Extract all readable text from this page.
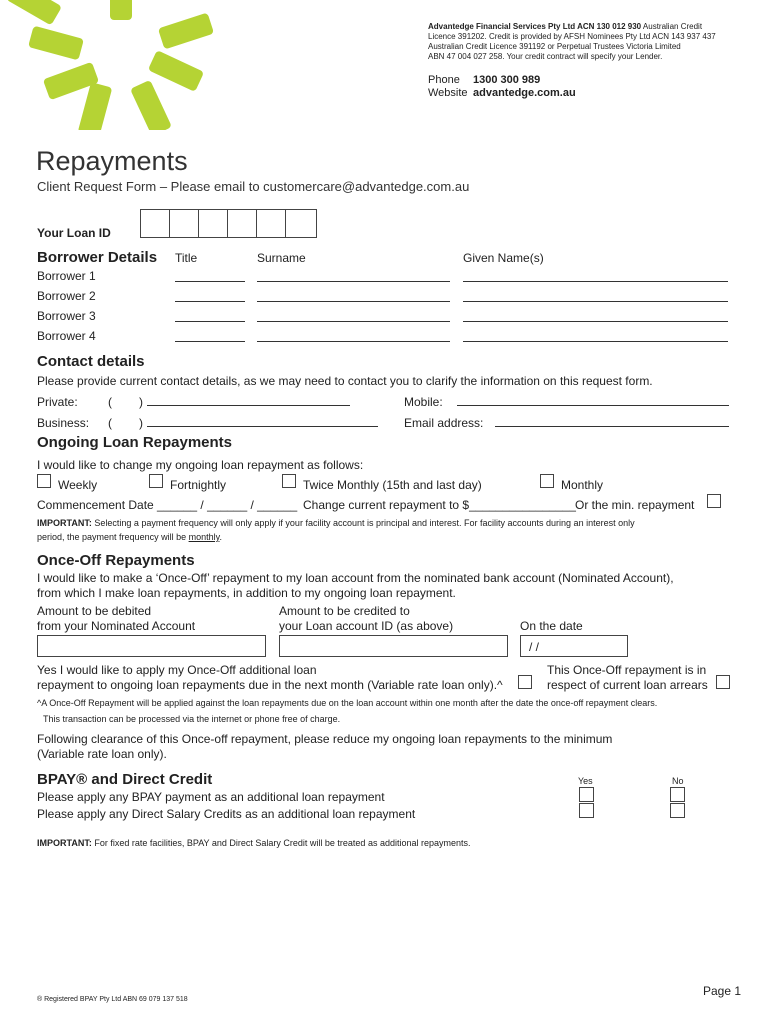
Advantedge Financial Services Pty Ltd ACN 130 012 930 Australian Credit
Licence 391202. Credit is provided by AFSH Nominees Pty Ltd ACN 143 937 437
Australian Credit Licence 391192 or Perpetual Trustees Victoria Limited
ABN 47 004 027 258. Your credit contract will specify your Lender.
Phone 1300 300 989
Website advantedge.com.au
Repayments
Client Request Form – Please email to customercare@advantedge.com.au
Your Loan ID
Borrower Details Title	Surname	Given Name(s)
Borrower 1
Borrower 2
Borrower 3
Borrower 4
Contact details
Please provide current contact details, as we may need to contact you to clarify the information on this request form.
Private:	( )	Mobile:
Business: ( )	Email address:
Ongoing Loan Repayments
I would like to change my ongoing loan repayment as follows:
Weekly	Fortnightly	Twice Monthly (15th and last day)	Monthly
Commencement Date ______ / ______ / ______ Change current repayment to $________________ Or the min. repayment
IMPORTANT: Selecting a payment frequency will only apply if your facility account is principal and interest. For facility accounts during an interest only
period, the payment frequency will be monthly.
Once-Off Repayments
I would like to make a ‘Once-Off’ repayment to my loan account from the nominated bank account (Nominated Account),
from which I make loan repayments, in addition to my ongoing loan repayment.
Amount to be debited
from your Nominated Account
Amount to be credited to
your Loan account ID (as above)	On the date
/ /
Yes I would like to apply my Once-Off additional loan
repayment to ongoing loan repayments due in the next month (Variable rate loan only).^
This Once-Off repayment is in
respect of current loan arrears
^A Once-Off Repayment will be applied against the loan repayments due on the loan account within one month after the date the once-off repayment clears.
This transaction can be processed via the internet or phone free of charge.
Following clearance of this Once-off repayment, please reduce my ongoing loan repayments to the minimum
(Variable rate loan only).
BPAY® and Direct Credit	Yes	No
Please apply any BPAY payment as an additional loan repayment
Please apply any Direct Salary Credits as an additional loan repayment
IMPORTANT: For fixed rate facilities, BPAY and Direct Salary Credit will be treated as additional repayments.
Page 1
® Registered BPAY Pty Ltd ABN 69 079 137 518
